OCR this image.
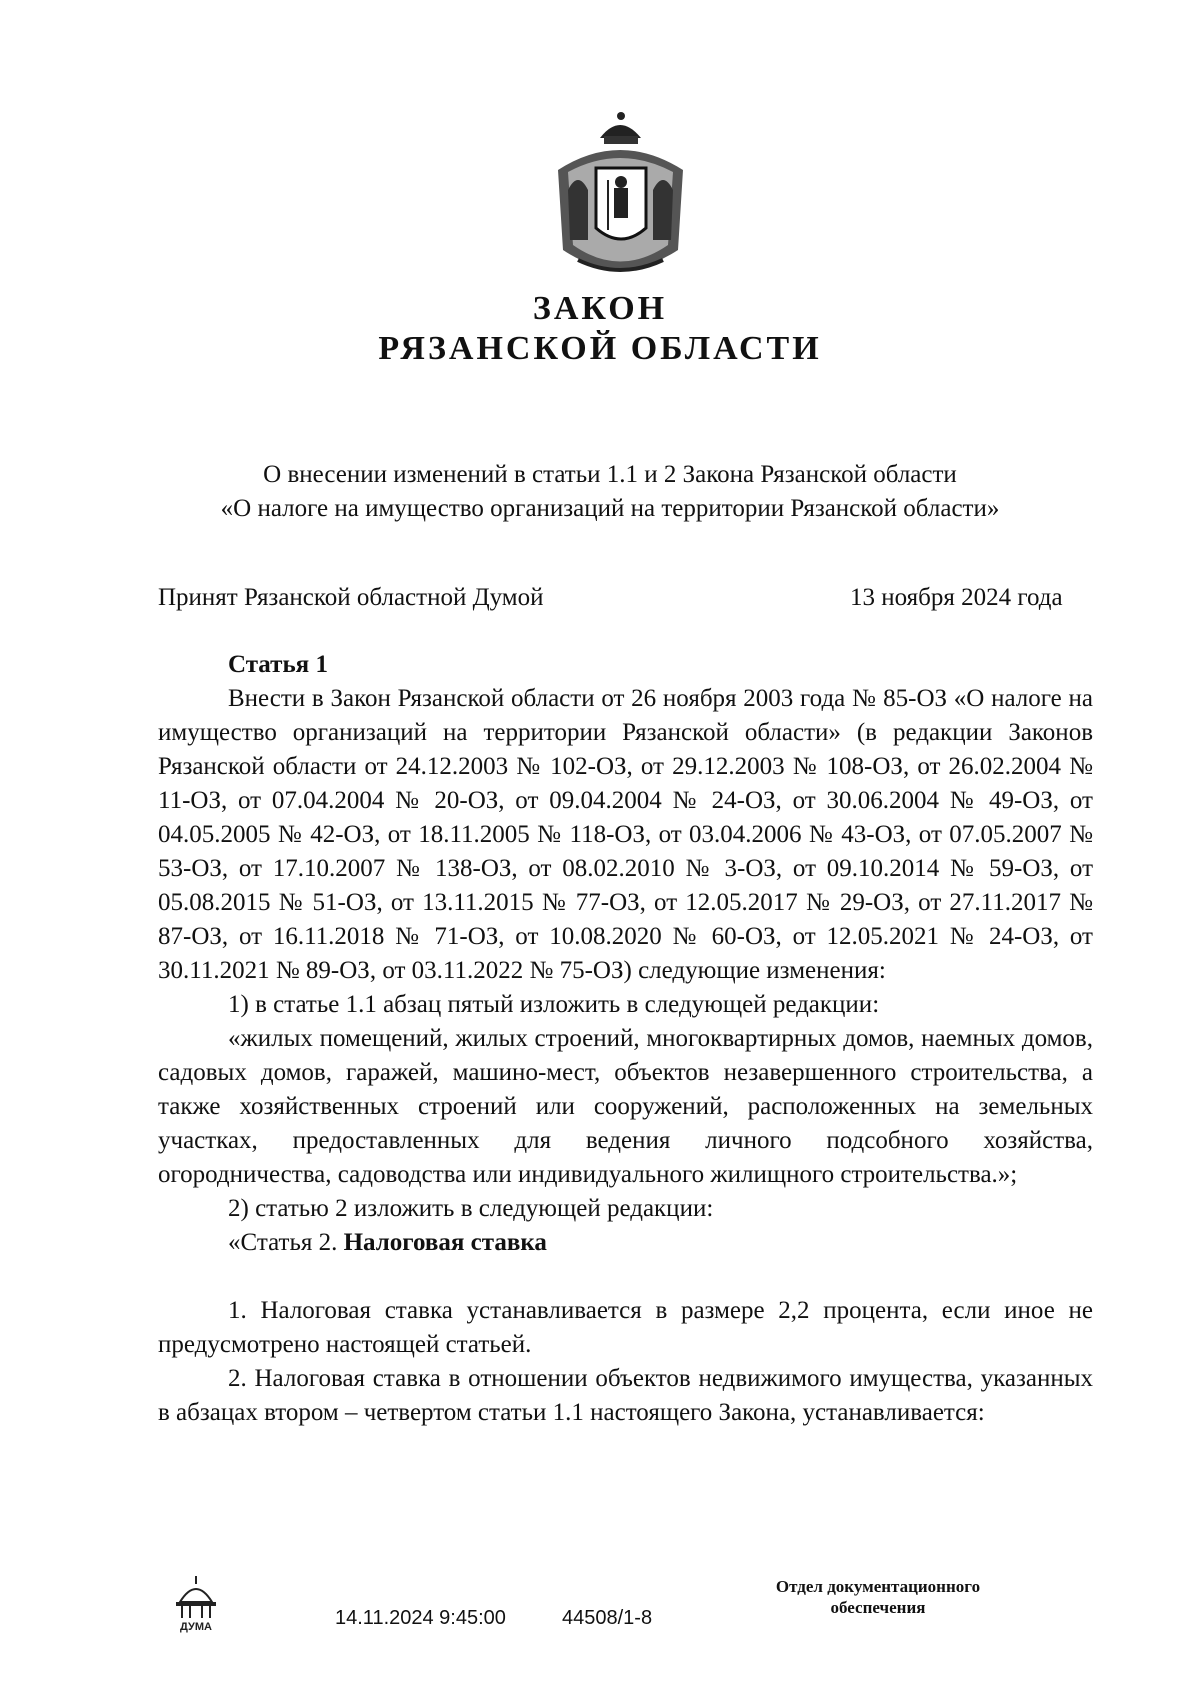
ЗАКОН
РЯЗАНСКОЙ ОБЛАСТИ
О внесении изменений в статьи 1.1 и 2 Закона Рязанской области
«О налоге на имущество организаций на территории Рязанской области»
Принят Рязанской областной Думой	13 ноября 2024 года

Статья 1

Внести в Закон Рязанской области от 26 ноября 2003 года № 85-ОЗ «О налоге на имущество организаций на территории Рязанской области» (в редакции Законов Рязанской области от 24.12.2003 № 102-ОЗ, от 29.12.2003 № 108-ОЗ, от 26.02.2004 № 11-ОЗ, от 07.04.2004 № 20-ОЗ, от 09.04.2004 № 24-ОЗ, от 30.06.2004 № 49-ОЗ, от 04.05.2005 № 42-ОЗ, от 18.11.2005 № 118-ОЗ, от 03.04.2006 № 43-ОЗ, от 07.05.2007 № 53-ОЗ, от 17.10.2007 № 138-ОЗ, от 08.02.2010 № 3-ОЗ, от 09.10.2014 № 59-ОЗ, от 05.08.2015 № 51-ОЗ, от 13.11.2015 № 77-ОЗ, от 12.05.2017 № 29-ОЗ, от 27.11.2017 № 87-ОЗ, от 16.11.2018 № 71-ОЗ, от 10.08.2020 № 60-ОЗ, от 12.05.2021 № 24-ОЗ, от 30.11.2021 № 89-ОЗ, от 03.11.2022 № 75-ОЗ) следующие изменения:

1) в статье 1.1 абзац пятый изложить в следующей редакции:

«жилых помещений, жилых строений, многоквартирных домов, наемных домов, садовых домов, гаражей, машино-мест, объектов незавершенного строительства, а также хозяйственных строений или сооружений, расположенных на земельных участках, предоставленных для ведения личного подсобного хозяйства, огородничества, садоводства или индивидуального жилищного строительства.»;

2) статью 2 изложить в следующей редакции:

«Статья 2. Налоговая ставка

1. Налоговая ставка устанавливается в размере 2,2 процента, если иное не предусмотрено настоящей статьей.

2. Налоговая ставка в отношении объектов недвижимого имущества, указанных в абзацах втором – четвертом статьи 1.1 настоящего Закона, устанавливается:

ДУМА	14.11.2024 9:45:00	44508/1-8
Отдел документационного
обеспечения
